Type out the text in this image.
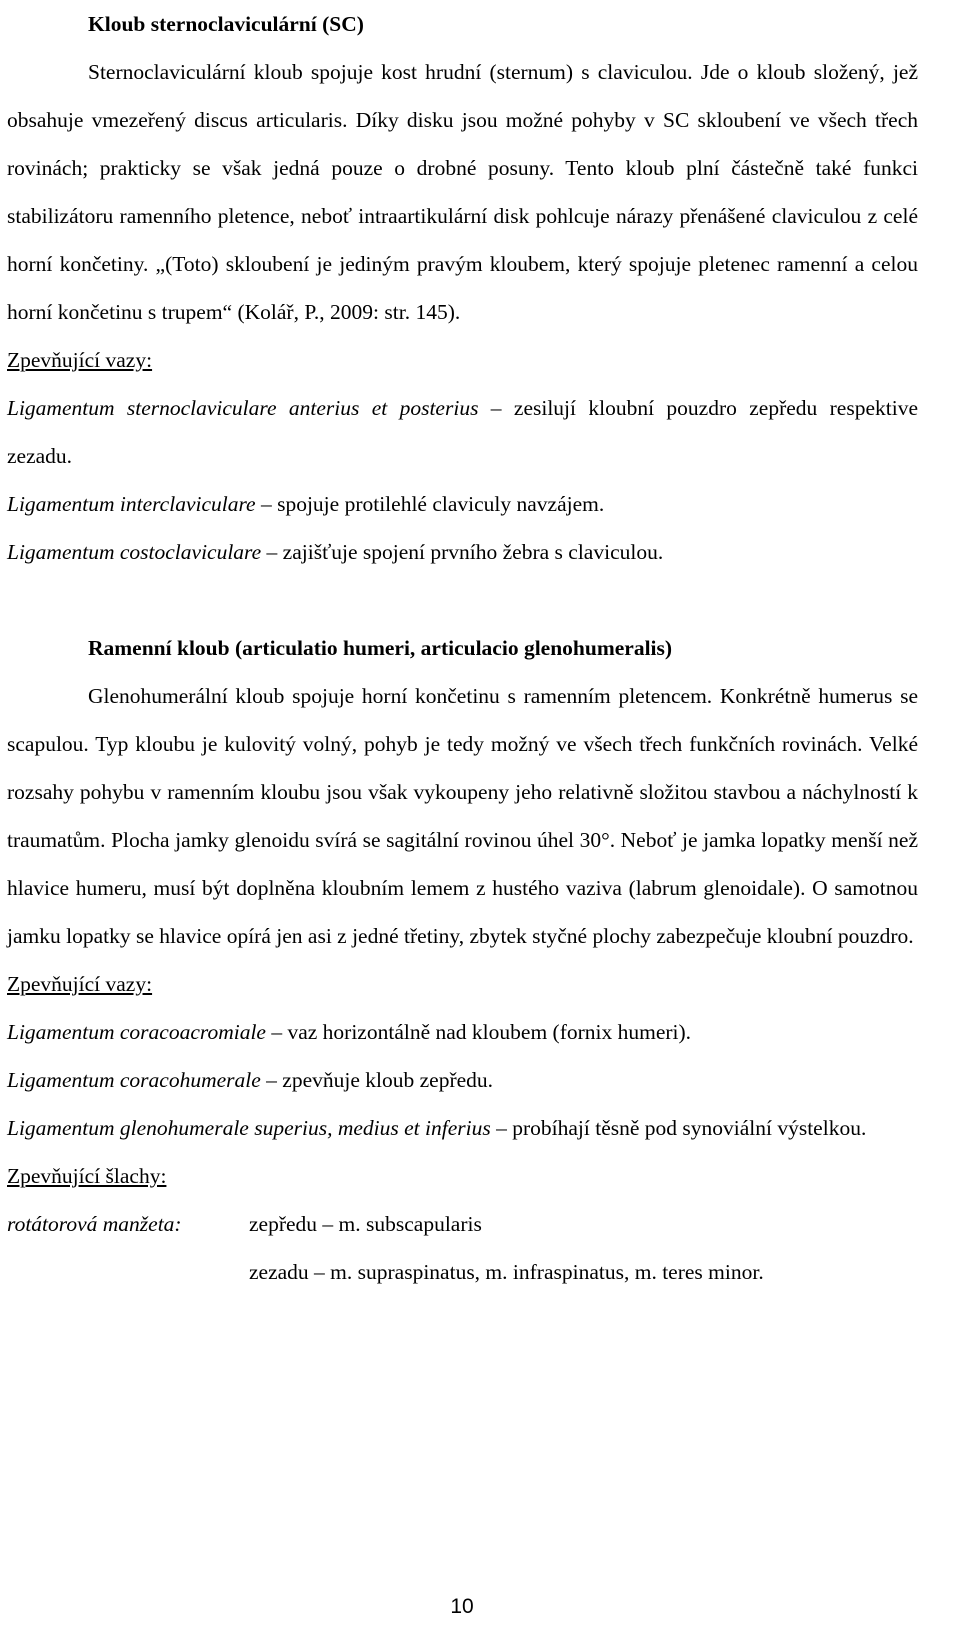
Kloub sternoclaviculární (SC)

Sternoclaviculární kloub spojuje kost hrudní (sternum) s claviculou. Jde o kloub složený, jež obsahuje vmezeřený discus articularis. Díky disku jsou možné pohyby v SC skloubení ve všech třech rovinách; prakticky se však jedná pouze o drobné posuny. Tento kloub plní částečně také funkci stabilizátoru ramenního pletence, neboť intraartikulární disk pohlcuje nárazy přenášené claviculou z celé horní končetiny. „(Toto) skloubení je jediným pravým kloubem, který spojuje pletenec ramenní a celou horní končetinu s trupem“ (Kolář, P., 2009: str. 145).

Zpevňující vazy:

Ligamentum sternoclaviculare anterius et posterius – zesilují kloubní pouzdro zepředu respektive zezadu.

Ligamentum interclaviculare – spojuje protilehlé claviculy navzájem.

Ligamentum costoclaviculare – zajišťuje spojení prvního žebra s claviculou.

Ramenní kloub (articulatio humeri, articulacio glenohumeralis)

Glenohumerální kloub spojuje horní končetinu s ramenním pletencem. Konkrétně humerus se scapulou. Typ kloubu je kulovitý volný, pohyb je tedy možný ve všech třech funkčních rovinách. Velké rozsahy pohybu v ramenním kloubu jsou však vykoupeny jeho relativně složitou stavbou a náchylností k traumatům. Plocha jamky glenoidu svírá se sagitální rovinou úhel 30°. Neboť je jamka lopatky menší než hlavice humeru, musí být doplněna kloubním lemem z hustého vaziva (labrum glenoidale). O samotnou jamku lopatky se hlavice opírá jen asi z jedné třetiny, zbytek styčné plochy zabezpečuje kloubní pouzdro.

Zpevňující vazy:

Ligamentum coracoacromiale – vaz horizontálně nad kloubem (fornix humeri).

Ligamentum coracohumerale – zpevňuje kloub zepředu.

Ligamentum glenohumerale superius, medius et inferius – probíhají těsně pod synoviální výstelkou.

Zpevňující šlachy:

rotátorová manžeta:	zepředu – m. subscapularis
zezadu – m. supraspinatus, m. infraspinatus, m. teres minor.
10
